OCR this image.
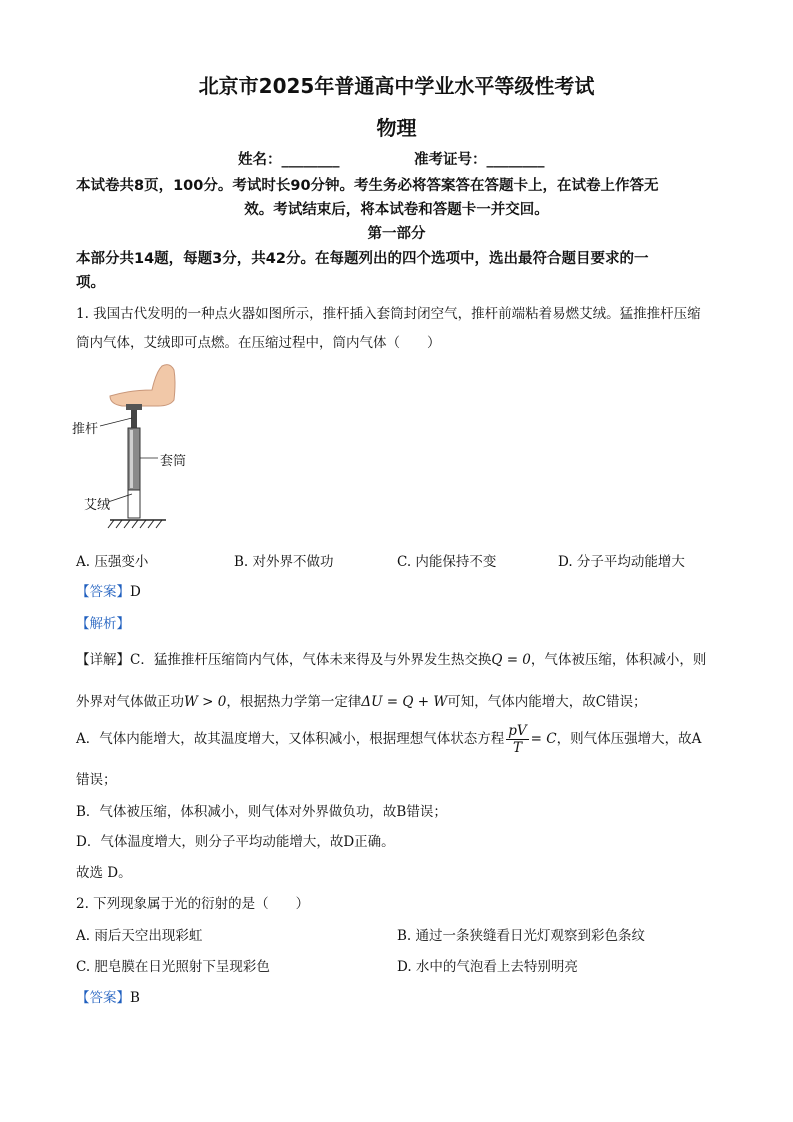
北京市2025年普通高中学业水平等级性考试
物理
姓名：________	准考证号：________
本试卷共8页，100分。考试时长90分钟。考生务必将答案答在答题卡上，在试卷上作答无
效。考试结束后，将本试卷和答题卡一并交回。
第一部分
本部分共14题，每题3分，共42分。在每题列出的四个选项中，选出最符合题目要求的一
项。
1. 我国古代发明的一种点火器如图所示，推杆插入套筒封闭空气，推杆前端粘着易燃艾绒。猛推推杆压缩
筒内气体，艾绒即可点燃。在压缩过程中，筒内气体（　　）
推杆
套筒
艾绒
A. 压强变小	B. 对外界不做功	C. 内能保持不变	D. 分子平均动能增大
【答案】D
【解析】
【详解】C．猛推推杆压缩筒内气体，气体未来得及与外界发生热交换Q = 0，气体被压缩，体积减小，则
外界对气体做正功W > 0，根据热力学第一定律ΔU = Q + W可知，气体内能增大，故C错误；
A．气体内能增大，故其温度增大，又体积减小，根据理想气体状态方程 $\frac{pV}{T} = C$，则气体压强增大，故A
错误；
B．气体被压缩，体积减小，则气体对外界做负功，故B错误；
D．气体温度增大，则分子平均动能增大，故D正确。
故选 D。
2. 下列现象属于光的衍射的是（　　）
A. 雨后天空出现彩虹	B. 通过一条狭缝看日光灯观察到彩色条纹
C. 肥皂膜在日光照射下呈现彩色	D. 水中的气泡看上去特别明亮
【答案】B
